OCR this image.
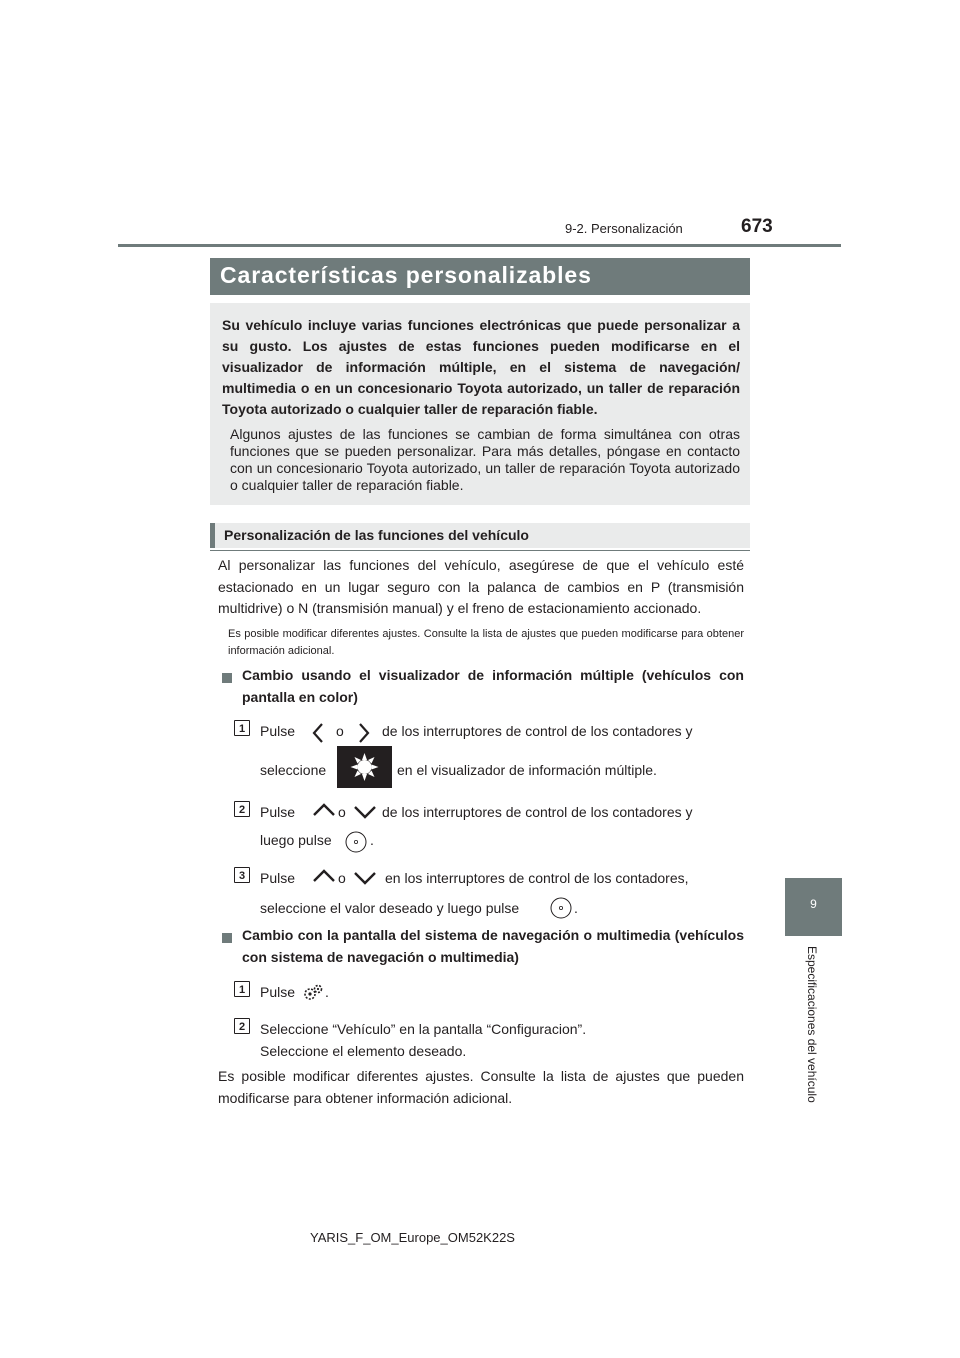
9-2. Personalización	673
9
Especificaciones del vehículo
Características personalizables
Su vehículo incluye varias funciones electrónicas que puede personalizar a su gusto. Los ajustes de estas funciones pueden modificarse en el visualizador de información múltiple, en el sistema de navegación/ multimedia o en un concesionario Toyota autorizado, un taller de reparación Toyota autorizado o cualquier taller de reparación fiable.
Algunos ajustes de las funciones se cambian de forma simultánea con otras funciones que se pueden personalizar. Para más detalles, póngase en contacto con un concesionario Toyota autorizado, un taller de reparación Toyota autorizado o cualquier taller de reparación fiable.
Personalización de las funciones del vehículo
Al personalizar las funciones del vehículo, asegúrese de que el vehículo esté estacionado en un lugar seguro con la palanca de cambios en P (transmisión multidrive) o N (transmisión manual) y el freno de estacionamiento accionado.
Es posible modificar diferentes ajustes. Consulte la lista de ajustes que pueden modificarse para obtener información adicional.
Cambio usando el visualizador de información múltiple (vehículos con pantalla en color)
1	Pulse	o	de los interruptores de control de los contadores y
seleccione	en el visualizador de información múltiple.
2	Pulse	o	de los interruptores de control de los contadores y
luego pulse	.
3	Pulse	o	en los interruptores de control de los contadores,
seleccione el valor deseado y luego pulse	.
Cambio con la pantalla del sistema de navegación o multimedia (vehículos con sistema de navegación o multimedia)
1	Pulse .
2	Seleccione “Vehículo” en la pantalla “Configuracion”.
Seleccione el elemento deseado.
Es posible modificar diferentes ajustes. Consulte la lista de ajustes que pueden modificarse para obtener información adicional.
YARIS_F_OM_Europe_OM52K22S
